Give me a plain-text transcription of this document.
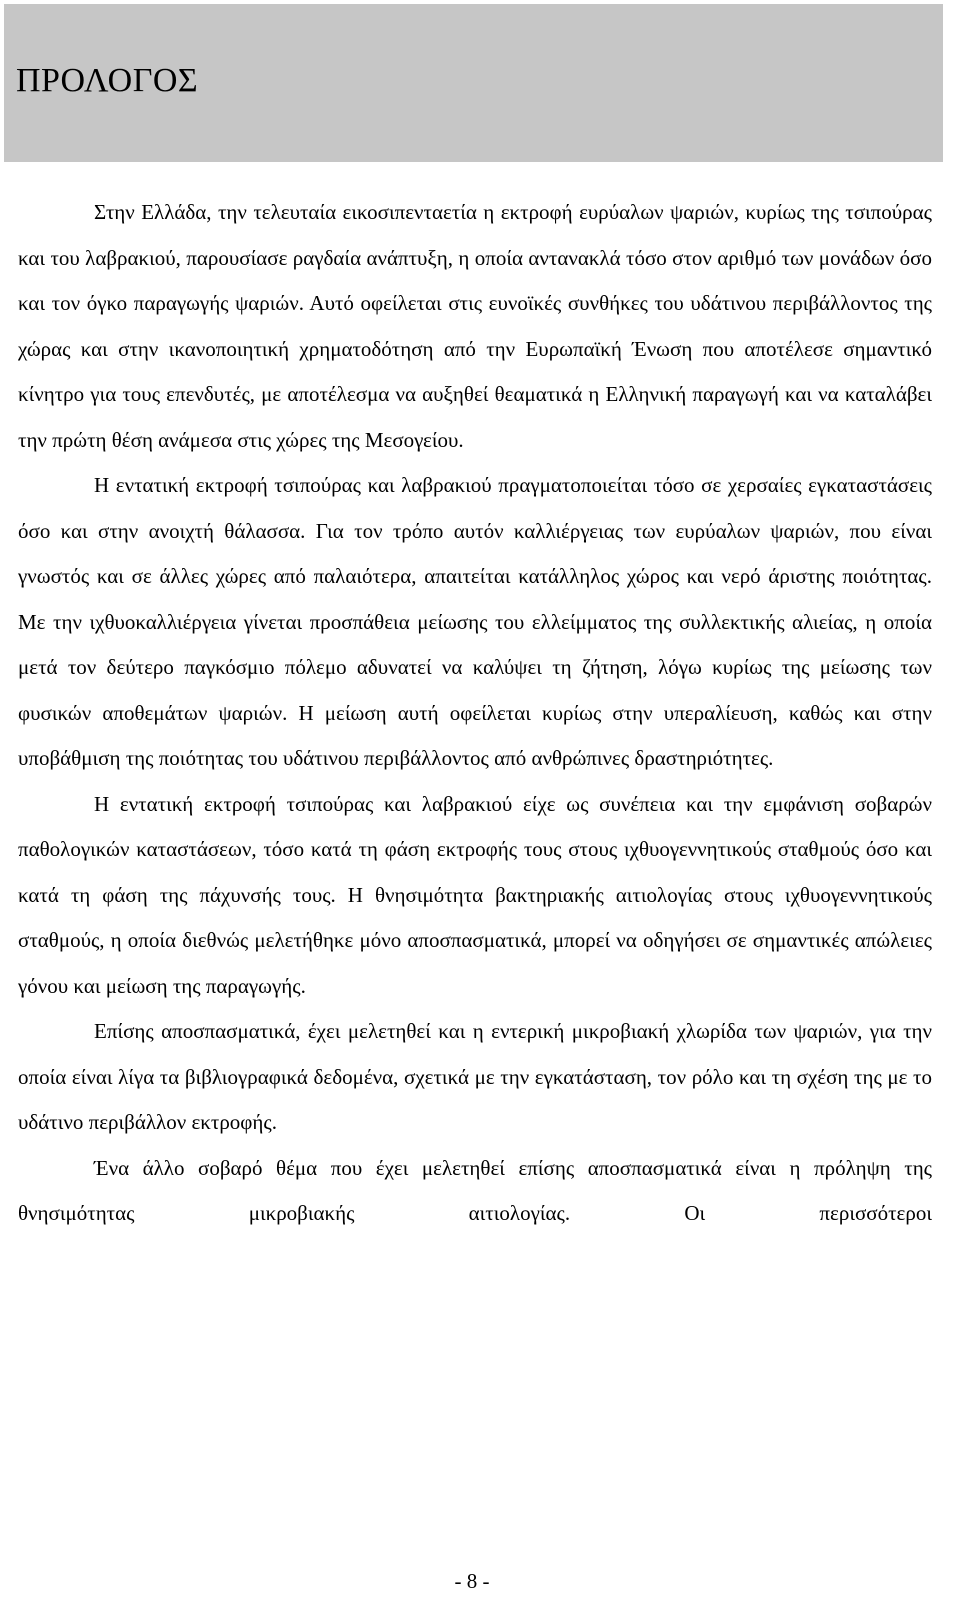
ΠΡΟΛΟΓΟΣ

Στην Ελλάδα, την τελευταία εικοσιπενταετία η εκτροφή ευρύαλων ψαριών, κυρίως της τσιπούρας και του λαβρακιού, παρουσίασε ραγδαία ανάπτυξη, η οποία αντανακλά τόσο στον αριθμό των μονάδων όσο και τον όγκο παραγωγής ψαριών. Αυτό οφείλεται στις ευνοϊκές συνθήκες του υδάτινου περιβάλλοντος της χώρας και στην ικανοποιητική χρηματοδότηση από την Ευρωπαϊκή Ένωση που αποτέλεσε σημαντικό κίνητρο για τους επενδυτές, με αποτέλεσμα να αυξηθεί θεαματικά η Ελληνική παραγωγή και να καταλάβει την πρώτη θέση ανάμεσα στις χώρες της Μεσογείου.

Η εντατική εκτροφή τσιπούρας και λαβρακιού πραγματοποιείται τόσο σε χερσαίες εγκαταστάσεις όσο και στην ανοιχτή θάλασσα. Για τον τρόπο αυτόν καλλιέργειας των ευρύαλων ψαριών, που είναι γνωστός και σε άλλες χώρες από παλαιότερα, απαιτείται κατάλληλος χώρος και νερό άριστης ποιότητας. Με την ιχθυοκαλλιέργεια γίνεται προσπάθεια μείωσης του ελλείμματος της συλλεκτικής αλιείας, η οποία μετά τον δεύτερο παγκόσμιο πόλεμο αδυνατεί να καλύψει τη ζήτηση, λόγω κυρίως της μείωσης των φυσικών αποθεμάτων ψαριών. Η μείωση αυτή οφείλεται κυρίως στην υπεραλίευση, καθώς και στην υποβάθμιση της ποιότητας του υδάτινου περιβάλλοντος από ανθρώπινες δραστηριότητες.

Η εντατική εκτροφή τσιπούρας και λαβρακιού είχε ως συνέπεια και την εμφάνιση σοβαρών παθολογικών καταστάσεων, τόσο κατά τη φάση εκτροφής τους στους ιχθυογεννητικούς σταθμούς όσο και κατά τη φάση της πάχυνσής τους. Η θνησιμότητα βακτηριακής αιτιολογίας στους ιχθυογεννητικούς σταθμούς, η οποία διεθνώς μελετήθηκε μόνο αποσπασματικά, μπορεί να οδηγήσει σε σημαντικές απώλειες γόνου και μείωση της παραγωγής.

Επίσης αποσπασματικά, έχει μελετηθεί και η εντερική μικροβιακή χλωρίδα των ψαριών, για την οποία είναι λίγα τα βιβλιογραφικά δεδομένα, σχετικά με την εγκατάσταση, τον ρόλο και τη σχέση της με το υδάτινο περιβάλλον εκτροφής.

Ένα άλλο σοβαρό θέμα που έχει μελετηθεί επίσης αποσπασματικά είναι η πρόληψη της θνησιμότητας μικροβιακής αιτιολογίας. Οι περισσότεροι

- 8 -
